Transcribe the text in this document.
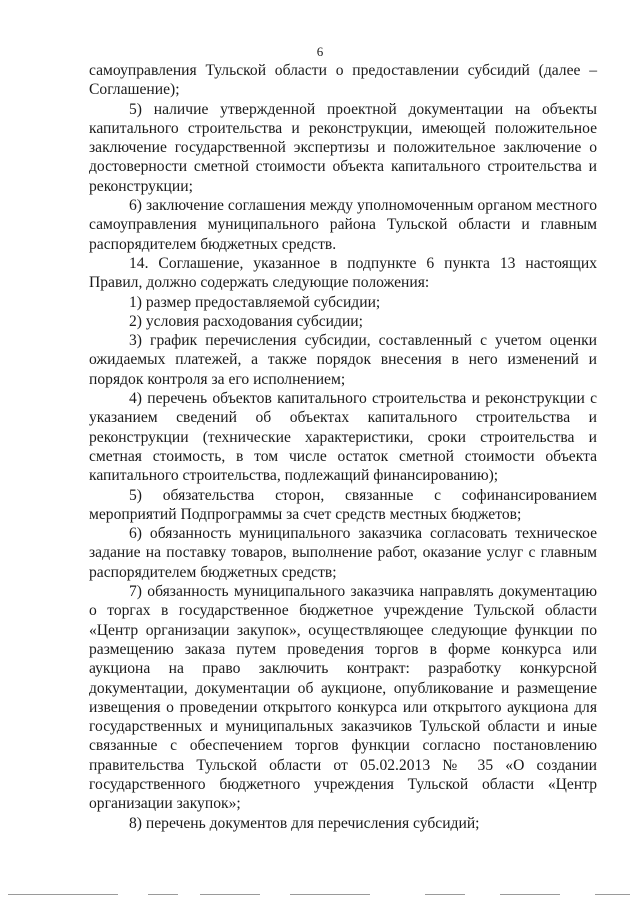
6

самоуправления Тульской области о предоставлении субсидий (далее – Соглашение);

5) наличие утвержденной проектной документации на объекты капитального строительства и реконструкции, имеющей положительное заключение государственной экспертизы и положительное заключение о достоверности сметной стоимости объекта капитального строительства и реконструкции;

6) заключение соглашения между уполномоченным органом местного самоуправления муниципального района Тульской области и главным распорядителем бюджетных средств.

14. Соглашение, указанное в подпункте 6 пункта 13 настоящих Правил, должно содержать следующие положения:

1) размер предоставляемой субсидии;

2) условия расходования субсидии;

3) график перечисления субсидии, составленный с учетом оценки ожидаемых платежей, а также порядок внесения в него изменений и порядок контроля за его исполнением;

4) перечень объектов капитального строительства и реконструкции с указанием сведений об объектах капитального строительства и реконструкции (технические характеристики, сроки строительства и сметная стоимость, в том числе остаток сметной стоимости объекта капитального строительства, подлежащий финансированию);

5) обязательства сторон, связанные с софинансированием мероприятий Подпрограммы за счет средств местных бюджетов;

6) обязанность муниципального заказчика согласовать техническое задание на поставку товаров, выполнение работ, оказание услуг с главным распорядителем бюджетных средств;

7) обязанность муниципального заказчика направлять документацию о торгах в государственное бюджетное учреждение Тульской области «Центр организации закупок», осуществляющее следующие функции по размещению заказа путем проведения торгов в форме конкурса или аукциона на право заключить контракт: разработку конкурсной документации, документации об аукционе, опубликование и размещение извещения о проведении открытого конкурса или открытого аукциона для государственных и муниципальных заказчиков Тульской области и иные связанные с обеспечением торгов функции согласно постановлению правительства Тульской области от 05.02.2013 № 35 «О создании государственного бюджетного учреждения Тульской области «Центр организации закупок»;

8) перечень документов для перечисления субсидий;
